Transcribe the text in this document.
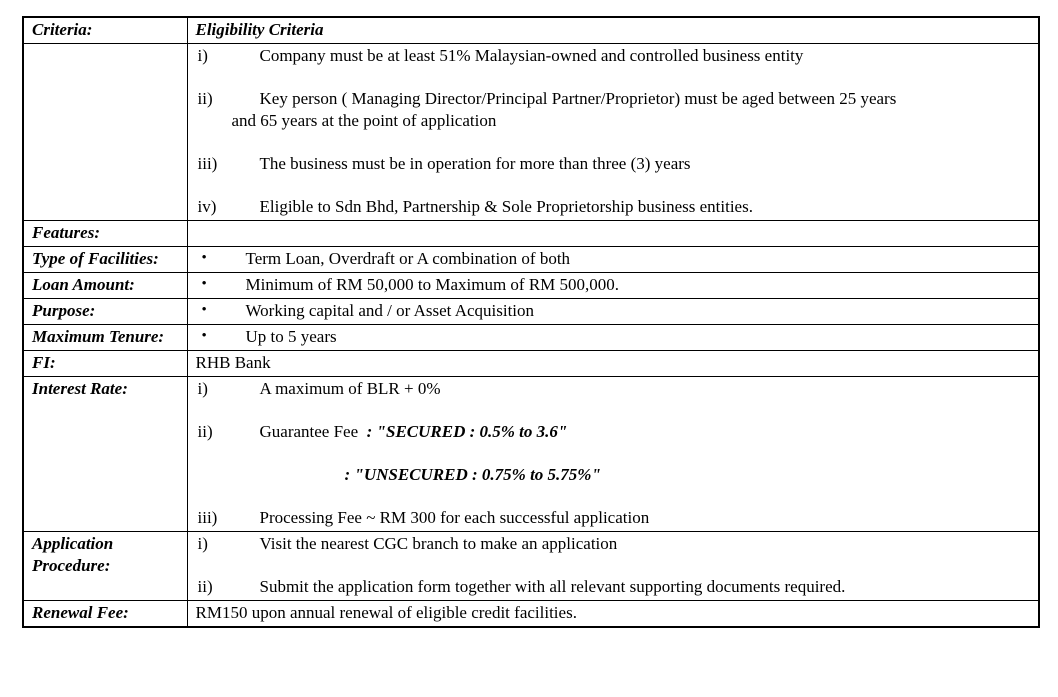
Criteria:	Eligibility Criteria

i)	Company must be at least 51% Malaysian-owned and controlled business entity
ii)	Key person ( Managing Director/Principal Partner/Proprietor) must be aged between 25 years
and 65 years at the point of application
iii) The business must be in operation for more than three (3) years
iv)	Eligible to Sdn Bhd, Partnership & Sole Proprietorship business entities.

Features:	
Type of Facilities:	• Term Loan, Overdraft or A combination of both

Loan Amount:	• Minimum of RM 50,000 to Maximum of RM 500,000.

Purpose:	• Working capital and / or Asset Acquisition

Maximum Tenure:	• Up to 5 years

FI:	RHB Bank

Interest Rate:	i)	A maximum of BLR + 0%
ii)	Guarantee Fee  : "SECURED : 0.5% to 3.6"
: "UNSECURED : 0.75% to 5.75%"
iii) Processing Fee ~ RM 300 for each successful application

Application Procedure:	i) Visit the nearest CGC branch to make an application
ii) Submit the application form together with all relevant supporting documents required.

Renewal Fee:	RM150 upon annual renewal of eligible credit facilities.
